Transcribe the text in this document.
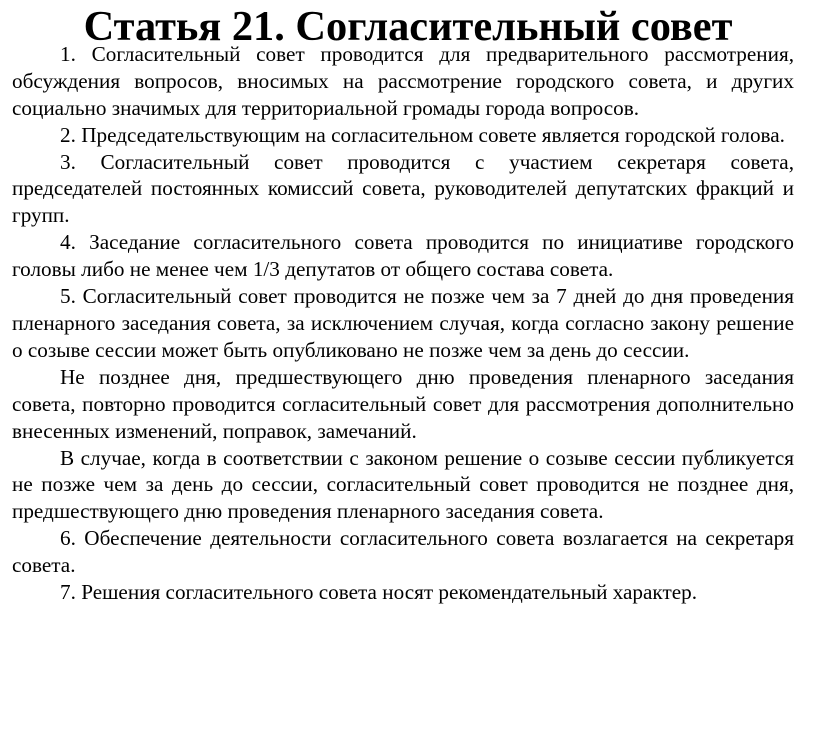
Статья 21. Согласительный совет

1. Согласительный совет проводится для предварительного рассмотрения, обсуждения вопросов, вносимых на рассмотрение городского совета, и других социально значимых для территориальной громады города вопросов.

2. Председательствующим на согласительном совете является городской голова.

3. Согласительный совет проводится с участием секретаря совета, председателей постоянных комиссий совета, руководителей депутатских фракций и групп.

4. Заседание согласительного совета проводится по инициативе городского головы либо не менее чем 1/3 депутатов от общего состава совета.

5. Согласительный совет проводится не позже чем за 7 дней до дня проведения пленарного заседания совета, за исключением случая, когда согласно закону решение о созыве сессии может быть опубликовано не позже чем за день до сессии.

Не позднее дня, предшествующего дню проведения пленарного заседания совета, повторно проводится согласительный совет для рассмотрения дополнительно внесенных изменений, поправок, замечаний.

В случае, когда в соответствии с законом решение о созыве сессии публикуется не позже чем за день до сессии, согласительный совет проводится не позднее дня, предшествующего дню проведения пленарного заседания совета.

6. Обеспечение деятельности согласительного совета возлагается на секретаря совета.

7. Решения согласительного совета носят рекомендательный характер.
